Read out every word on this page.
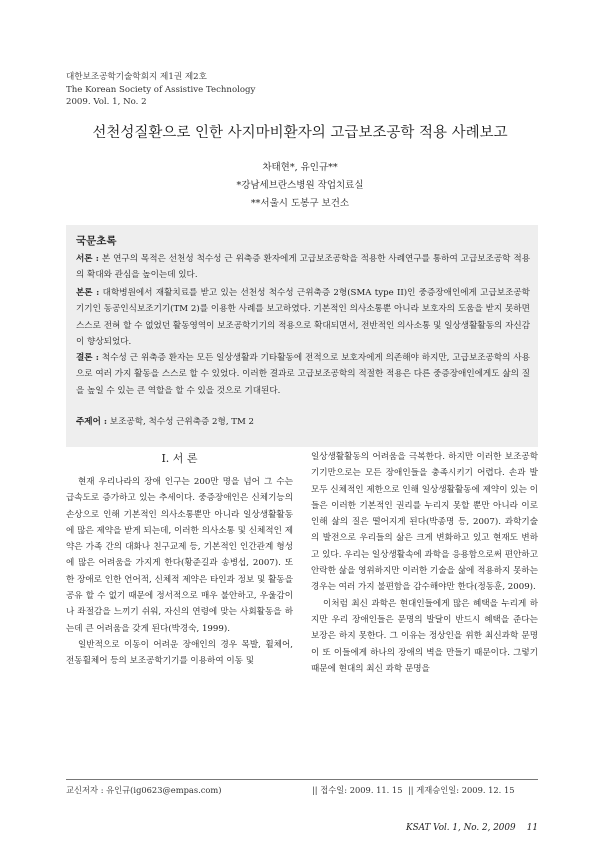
대한보조공학기술학회지 제1권 제2호
The Korean Society of Assistive Technology
2009. Vol. 1, No. 2
선천성질환으로 인한 사지마비환자의 고급보조공학 적용 사례보고
차태현*, 유인규**
*강남세브란스병원 작업치료실
**서울시 도봉구 보건소
국문초록
서론 : 본 연구의 목적은 선천성 척수성 근 위축증 환자에게 고급보조공학을 적용한 사례연구를 통하여 고급보조공학 적용의 확대와 관심을 높이는데 있다.
본론 : 대학병원에서 재활치료를 받고 있는 선천성 척수성 근위축증 2형(SMA type II)인 중증장애인에게 고급보조공학 기기인 동공인식보조기기(TM 2)를 이용한 사례를 보고하였다. 기본적인 의사소통뿐 아니라 보호자의 도움을 받지 못하면 스스로 전혀 할 수 없었던 활동영역이 보조공학기기의 적용으로 확대되면서, 전반적인 의사소통 및 일상생활활동의 자신감이 향상되었다.
결론 : 척수성 근 위축증 환자는 모든 일상생활과 기타활동에 전적으로 보호자에게 의존해야 하지만, 고급보조공학의 사용으로 여러 가지 활동을 스스로 할 수 있었다. 이러한 결과로 고급보조공학의 적절한 적용은 다른 중증장애인에게도 삶의 질을 높일 수 있는 큰 역할을 할 수 있을 것으로 기대된다.
주제어 : 보조공학, 척수성 근위축증 2형, TM 2
I. 서 론

현재 우리나라의 장애 인구는 200만 명을 넘어 그 수는 급속도로 증가하고 있는 추세이다. 중증장애인은 신체기능의 손상으로 인해 기본적인 의사소통뿐만 아니라 일상생활활동에 많은 제약을 받게 되는데, 이러한 의사소통 및 신체적인 제약은 가족 간의 대화나 친구교제 등, 기본적인 인간관계 형성에 많은 어려움을 가지게 한다(황준길과 송병섭, 2007). 또한 장애로 인한 언어적, 신체적 제약은 타인과 정보 및 활동을 공유 할 수 없기 때문에 정서적으로 매우 불안하고, 우울감이나 좌절감을 느끼기 쉬워, 자신의 연령에 맞는 사회활동을 하는데 큰 어려움을 갖게 된다(박경숙, 1999).

일반적으로 이동이 어려운 장애인의 경우 목발, 휠체어, 전동휠체어 등의 보조공학기기를 이용하여 이동 및

일상생활활동의 어려움을 극복한다. 하지만 이러한 보조공학기기만으로는 모든 장애인들을 충족시키기 어렵다. 손과 발 모두 신체적인 제한으로 인해 일상생활활동에 제약이 있는 이들은 이러한 기본적인 권리를 누리지 못할 뿐만 아니라 이로 인해 삶의 질은 떨어지게 된다(박종명 등, 2007). 과학기술의 발전으로 우리들의 삶은 크게 변화하고 있고 현재도 변하고 있다. 우리는 일상생활속에 과학을 응용함으로써 편안하고 안락한 삶을 영위하지만 이러한 기술을 삶에 적용하지 못하는 경우는 여러 가지 불편함을 감수해야만 한다(정동훈, 2009).

이처럼 최신 과학은 현대인들에게 많은 혜택을 누리게 하지만 우리 장애인들은 문명의 발달이 반드시 혜택을 준다는 보장은 하지 못한다. 그 이유는 정상인을 위한 최신과학 문명이 또 이들에게 하나의 장애의 벽을 만들기 때문이다. 그렇기 때문에 현대의 최신 과학 문명을

교신저자 : 유인규(ig0623@empas.com)	|| 접수일: 2009. 11. 15 || 게재승인일: 2009. 12. 15
KSAT Vol. 1, No. 2, 2009 11
